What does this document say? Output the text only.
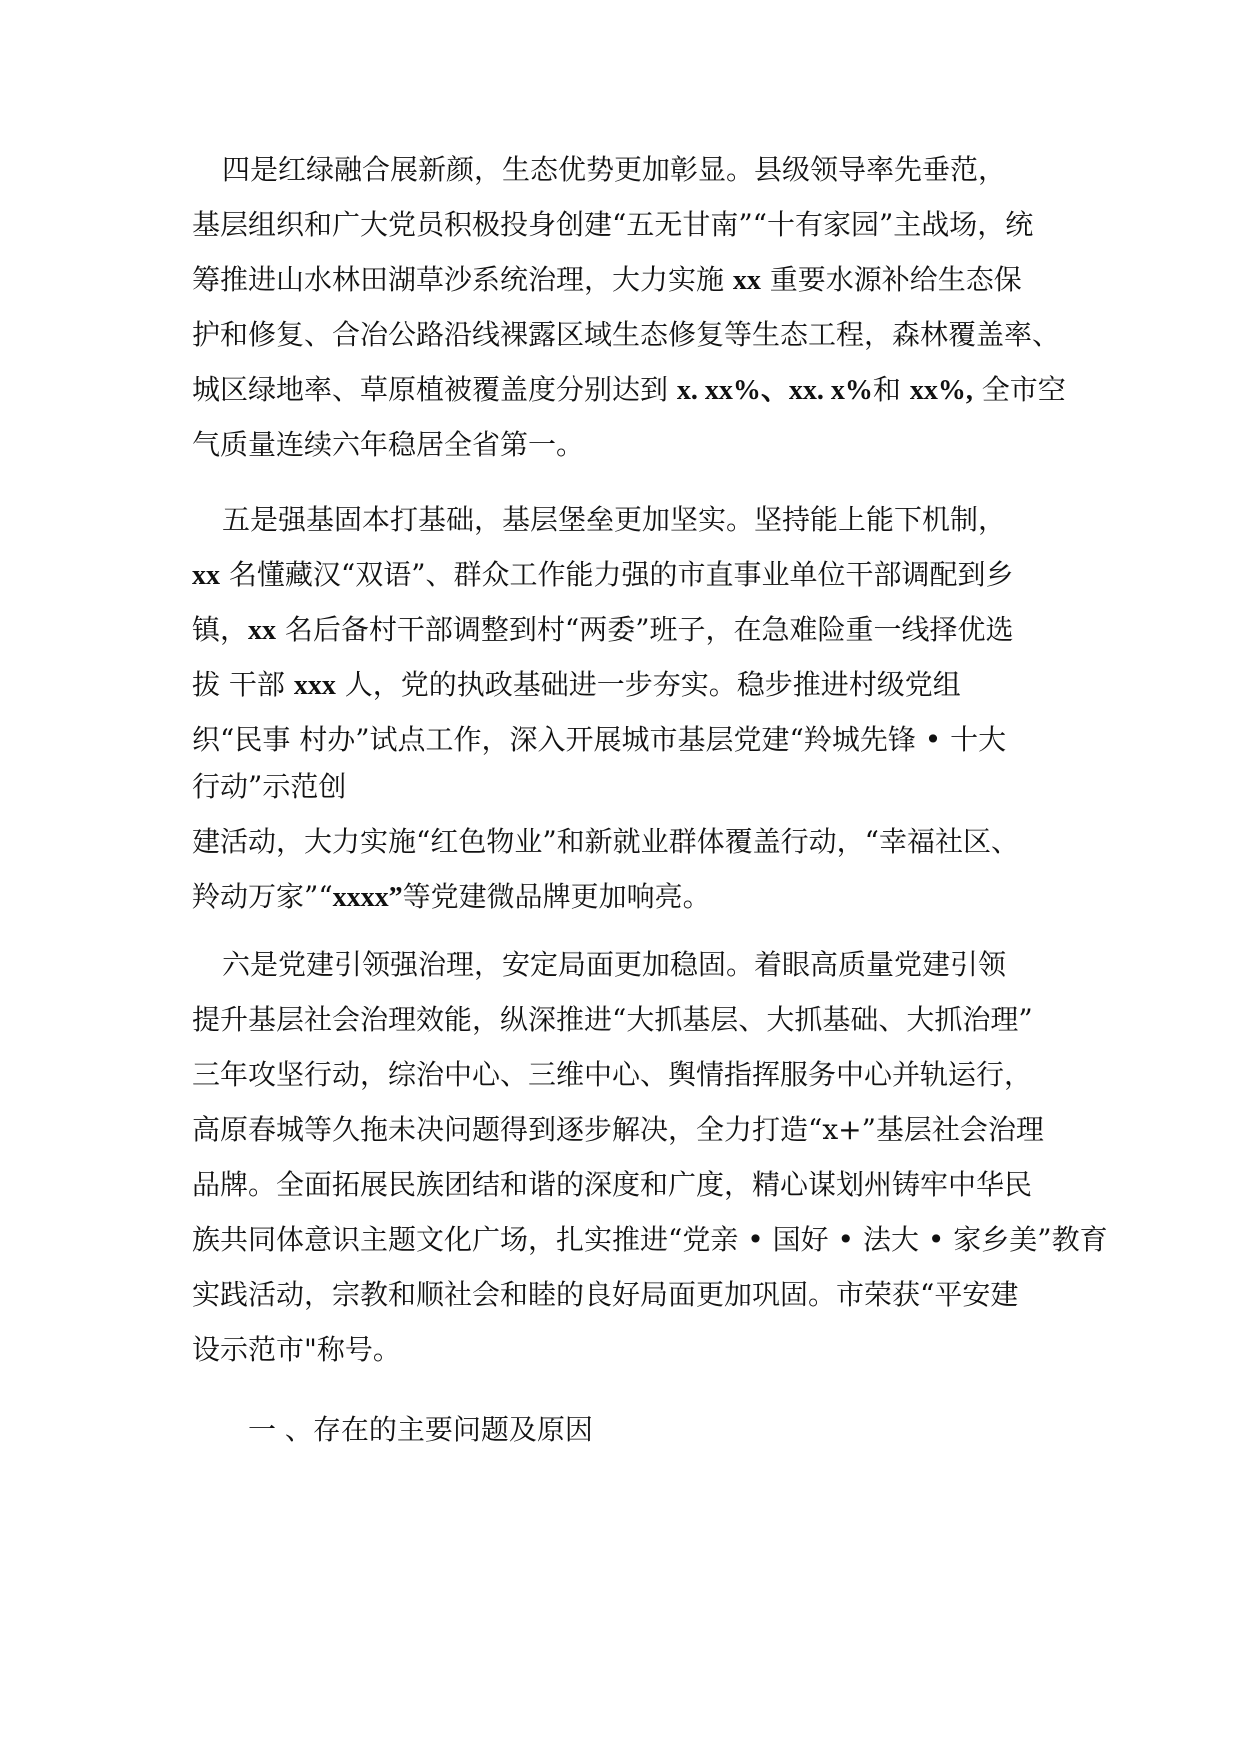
四是红绿融合展新颜，生态优势更加彰显。县级领导率先垂范，
基层组织和广大党员积极投身创建“五无甘南”“十有家园”主战场，统
筹推进山水林田湖草沙系统治理，大力实施 xx 重要水源补给生态保
护和修复、合冶公路沿线裸露区域生态修复等生态工程，森林覆盖率、
城区绿地率、草原植被覆盖度分别达到 x. xx%、xx. x%和 xx%, 全市空
气质量连续六年稳居全省第一。
五是强基固本打基础，基层堡垒更加坚实。坚持能上能下机制，
xx 名懂藏汉“双语”、群众工作能力强的市直事业单位干部调配到乡
镇，xx 名后备村干部调整到村“两委”班子，在急难险重一线择优选
拔 干部 xxx 人，党的执政基础进一步夯实。稳步推进村级党组
织“民事 村办”试点工作，深入开展城市基层党建“羚城先锋 • 十大
行动”示范创
建活动，大力实施“红色物业”和新就业群体覆盖行动，“幸福社区、
羚动万家”“xxxx”等党建微品牌更加响亮。
六是党建引领强治理，安定局面更加稳固。着眼高质量党建引领
提升基层社会治理效能，纵深推进“大抓基层、大抓基础、大抓治理”
三年攻坚行动，综治中心、三维中心、舆情指挥服务中心并轨运行，
高原春城等久拖未决问题得到逐步解决，全力打造“x+”基层社会治理
品牌。全面拓展民族团结和谐的深度和广度，精心谋划州铸牢中华民
族共同体意识主题文化广场，扎实推进“党亲 • 国好 • 法大 • 家乡美”教育
实践活动，宗教和顺社会和睦的良好局面更加巩固。市荣获“平安建
设示范市"称号。
一 、存在的主要问题及原因
